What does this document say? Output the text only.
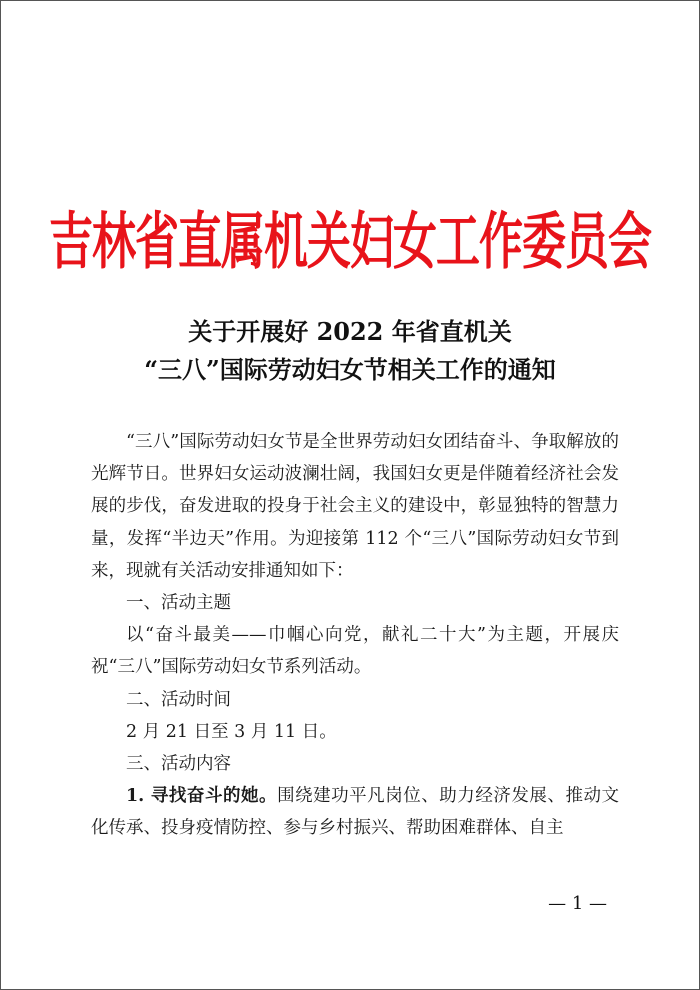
吉林省直属机关妇女工作委员会
关于开展好 2022 年省直机关
“三八”国际劳动妇女节相关工作的通知

“三八”国际劳动妇女节是全世界劳动妇女团结奋斗、争取解放的光辉节日。世界妇女运动波澜壮阔，我国妇女更是伴随着经济社会发展的步伐，奋发进取的投身于社会主义的建设中，彰显独特的智慧力量，发挥“半边天”作用。为迎接第 112 个“三八”国际劳动妇女节到来，现就有关活动安排通知如下：

一、活动主题

以“奋斗最美——巾帼心向党，献礼二十大”为主题，开展庆祝“三八”国际劳动妇女节系列活动。

二、活动时间

2 月 21 日至 3 月 11 日。

三、活动内容

1. 寻找奋斗的她。围绕建功平凡岗位、助力经济发展、推动文化传承、投身疫情防控、参与乡村振兴、帮助困难群体、自主

— 1 —
